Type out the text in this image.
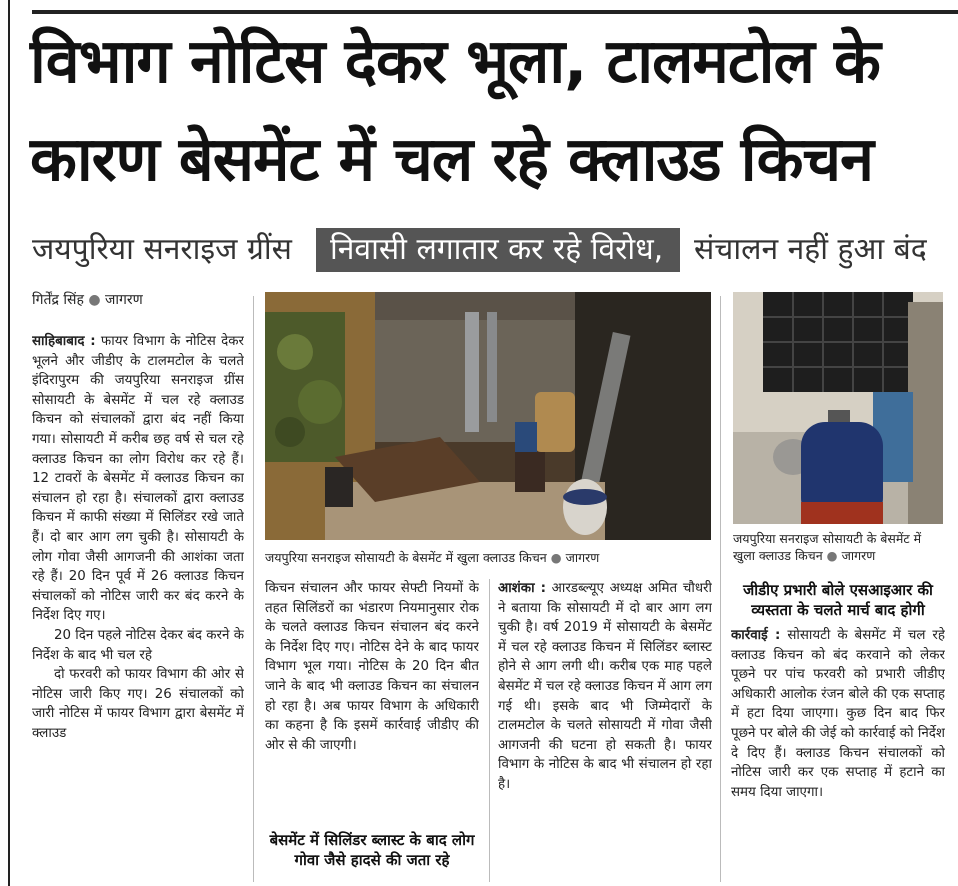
विभाग नोटिस देकर भूला, टालमटोल के
कारण बेसमेंट में चल रहे क्लाउड किचन
जयपुरिया सनराइज ग्रींस	निवासी लगातार कर रहे विरोध,	संचालन नहीं हुआ बंद
गिर्तेंद्र सिंह ● जागरण

साहिबाबाद : फायर विभाग के नोटिस देकर भूलने और जीडीए के टालमटोल के चलते इंदिरापुरम की जयपुरिया सनराइज ग्रींस सोसायटी के बेसमेंट में चल रहे क्लाउड किचन को संचालकों द्वारा बंद नहीं किया गया। सोसायटी में करीब छह वर्ष से चल रहे क्लाउड किचन का लोग विरोध कर रहे हैं। 12 टावरों के बेसमेंट में क्लाउड किचन का संचालन हो रहा है। संचालकों द्वारा क्लाउड किचन में काफी संख्या में सिलिंडर रखे जाते हैं। दो बार आग लग चुकी है। सोसायटी के लोग गोवा जैसी आगजनी की आशंका जता रहे हैं। 20 दिन पूर्व में 26 क्लाउड किचन संचालकों को नोटिस जारी कर बंद करने के निर्देश दिए गए।

20 दिन पहले नोटिस देकर बंद करने के निर्देश के बाद भी चल रहे

दो फरवरी को फायर विभाग की ओर से नोटिस जारी किए गए। 26 संचालकों को जारी नोटिस में फायर विभाग द्वारा बेसमेंट में क्लाउड

जयपुरिया सनराइज सोसायटी के बेसमेंट में खुला क्लाउड किचन ● जागरण
जयपुरिया सनराइज सोसायटी के बेसमेंट में खुला क्लाउड किचन ● जागरण

किचन संचालन और फायर सेफ्टी नियमों के तहत सिलिंडरों का भंडारण नियमानुसार रोक के चलते क्लाउड किचन संचालन बंद करने के निर्देश दिए गए। नोटिस देने के बाद फायर विभाग भूल गया। नोटिस के 20 दिन बीत जाने के बाद भी क्लाउड किचन का संचालन हो रहा है। अब फायर विभाग के अधिकारी का कहना है कि इसमें कार्रवाई जीडीए की ओर से की जाएगी।

बेसमेंट में सिलिंडर ब्लास्ट के बाद लोग गोवा जैसे हादसे की जता रहे

आशंका : आरडब्ल्यूए अध्यक्ष अमित चौधरी ने बताया कि सोसायटी में दो बार आग लग चुकी है। वर्ष 2019 में सोसायटी के बेसमेंट में चल रहे क्लाउड किचन में सिलिंडर ब्लास्ट होने से आग लगी थी। करीब एक माह पहले बेसमेंट में चल रहे क्लाउड किचन में आग लग गई थी। इसके बाद भी जिम्मेदारों के टालमटोल के चलते सोसायटी में गोवा जैसी आगजनी की घटना हो सकती है। फायर विभाग के नोटिस के बाद भी संचालन हो रहा है।

जीडीए प्रभारी बोले एसआइआर की व्यस्तता के चलते मार्च बाद होगी

कार्रवाई : सोसायटी के बेसमेंट में चल रहे क्लाउड किचन को बंद करवाने को लेकर पूछने पर पांच फरवरी को प्रभारी जीडीए अधिकारी आलोक रंजन बोले की एक सप्ताह में हटा दिया जाएगा। कुछ दिन बाद फिर पूछने पर बोले की जेई को कार्रवाई को निर्देश दे दिए हैं। क्लाउड किचन संचालकों को नोटिस जारी कर एक सप्ताह में हटाने का समय दिया जाएगा।
